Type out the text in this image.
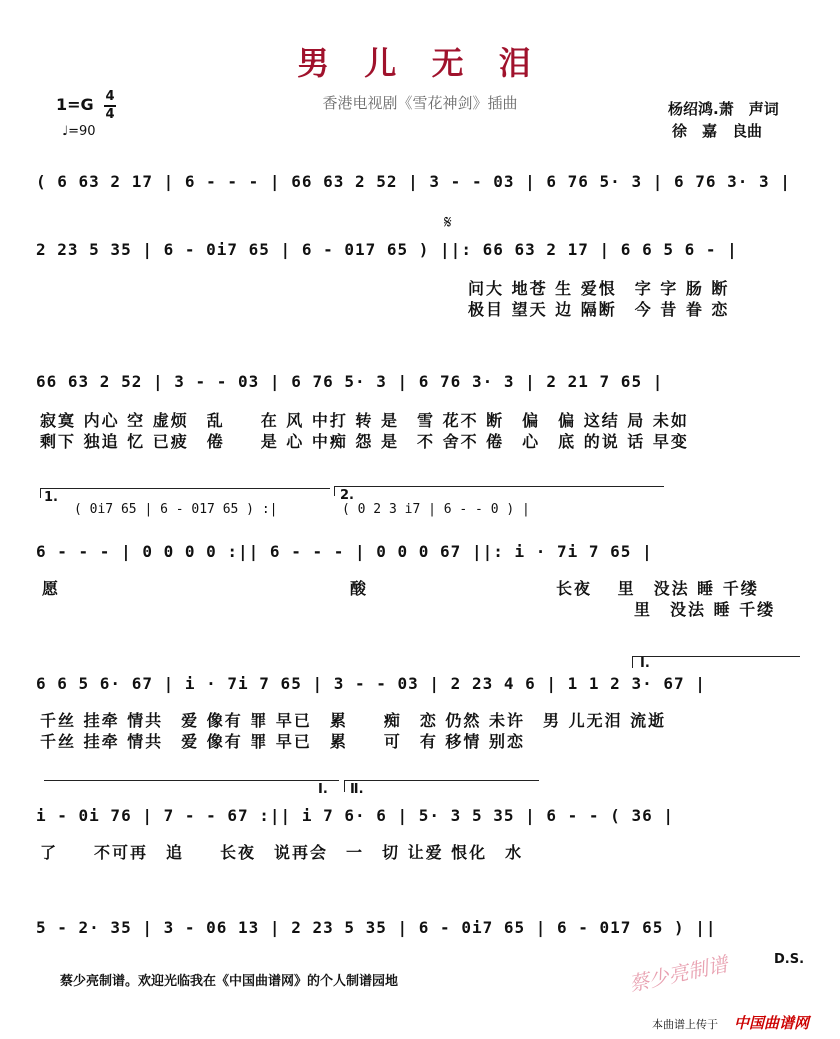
男 儿 无 泪
香港电视剧《雪花神剑》插曲
1=G 4
4
♩=90
杨绍鸿.萧　声词
徐　嘉　良曲
( 6 63 2 17 | 6 - - - | 66 63 2 52 | 3 - - 03 | 6 76 5· 3 | 6 76 3· 3 |
𝄋
2 23 5 35 | 6 - 0i7 65 | 6 - 017 65 ) ||: 66 63 2 17 | 6 6 5 6 - |
问大 地苍 生 爱恨　字 字 肠 断
极目 望天 边 隔断　今 昔 眷 恋
66 63 2 52 | 3 - - 03 | 6 76 5· 3 | 6 76 3· 3 | 2 21 7 65 |
寂寞 内心 空 虚烦　乱　　在 风 中打 转 是　雪 花不 断　偏　偏 这结 局 未如
剩下 独追 忆 已疲　倦　　是 心 中痴 怨 是　不 舍不 倦　心　底 的说 话 早变
1.
( 0i7 65 | 6 - 017 65 ) :|
2.
( 0 2 3 i7 | 6 - - 0 ) |
6 - - - | 0 0 0 0 :|| 6 - - - | 0 0 0 67 ||: i · 7i 7 65 |
愿	酸	长夜　 里　没法 睡 千缕
里　没法 睡 千缕
Ⅰ.
6 6 5 6· 67 | i · 7i 7 65 | 3 - - 03 | 2 23 4 6 | 1 1 2 3· 67 |
千丝 挂牵 情共　爱 像有 罪 早已　累　　痴　恋 仍然 未许　男 儿无泪 流逝
千丝 挂牵 情共　爱 像有 罪 早已　累　　可　有 移情 别恋
Ⅰ. Ⅱ.
i - 0i 76 | 7 - - 67 :|| i 7 6· 6 | 5· 3 5 35 | 6 - - ( 36 |
了　　不可再　追　　长夜　说再会　一　切 让爱 恨化　水
5 - 2· 35 | 3 - 06 13 | 2 23 5 35 | 6 - 0i7 65 | 6 - 017 65 ) ||
D.S.
蔡少亮制谱。欢迎光临我在《中国曲谱网》的个人制谱园地	蔡少亮制谱
本曲谱上传于 中国曲谱网
